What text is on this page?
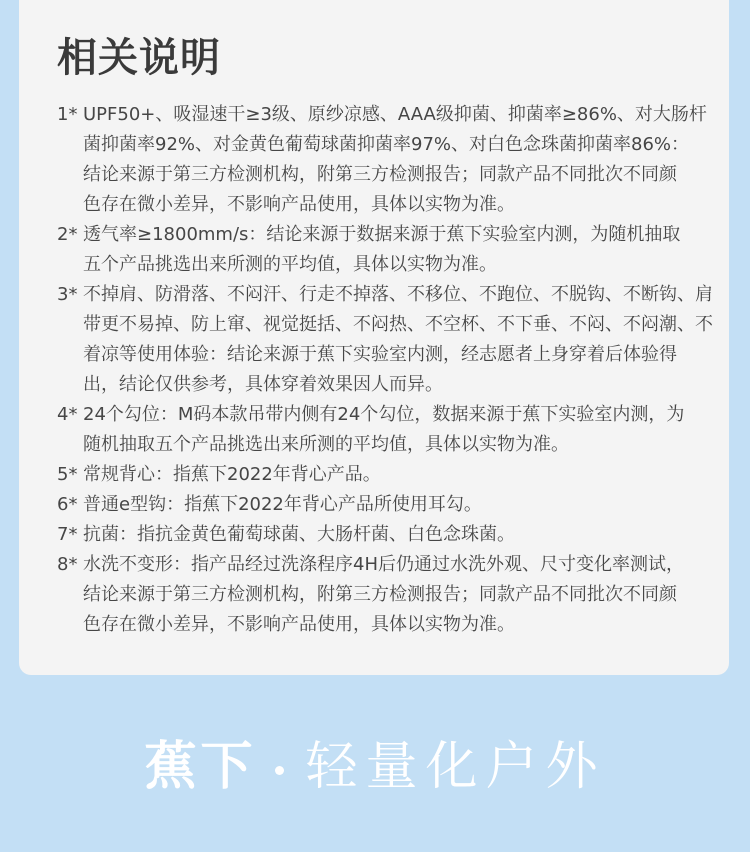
相关说明
1* UPF50+、吸湿速干≥3级、原纱凉感、AAA级抑菌、抑菌率≥86%、对大肠杆
菌抑菌率92%、对金黄色葡萄球菌抑菌率97%、对白色念珠菌抑菌率86%：
结论来源于第三方检测机构，附第三方检测报告；同款产品不同批次不同颜
色存在微小差异，不影响产品使用，具体以实物为准。
2* 透气率≥1800mm/s：结论来源于数据来源于蕉下实验室内测，为随机抽取
五个产品挑选出来所测的平均值，具体以实物为准。
3* 不掉肩、防滑落、不闷汗、行走不掉落、不移位、不跑位、不脱钩、不断钩、肩
带更不易掉、防上窜、视觉挺括、不闷热、不空杯、不下垂、不闷、不闷潮、不
着凉等使用体验：结论来源于蕉下实验室内测，经志愿者上身穿着后体验得
出，结论仅供参考，具体穿着效果因人而异。
4* 24个勾位：M码本款吊带内侧有24个勾位，数据来源于蕉下实验室内测，为
随机抽取五个产品挑选出来所测的平均值，具体以实物为准。
5* 常规背心：指蕉下2022年背心产品。
6* 普通e型钩：指蕉下2022年背心产品所使用耳勾。
7* 抗菌：指抗金黄色葡萄球菌、大肠杆菌、白色念珠菌。
8* 水洗不变形：指产品经过洗涤程序4H后仍通过水洗外观、尺寸变化率测试，
结论来源于第三方检测机构，附第三方检测报告；同款产品不同批次不同颜
色存在微小差异，不影响产品使用，具体以实物为准。
蕉下 轻量化户外
